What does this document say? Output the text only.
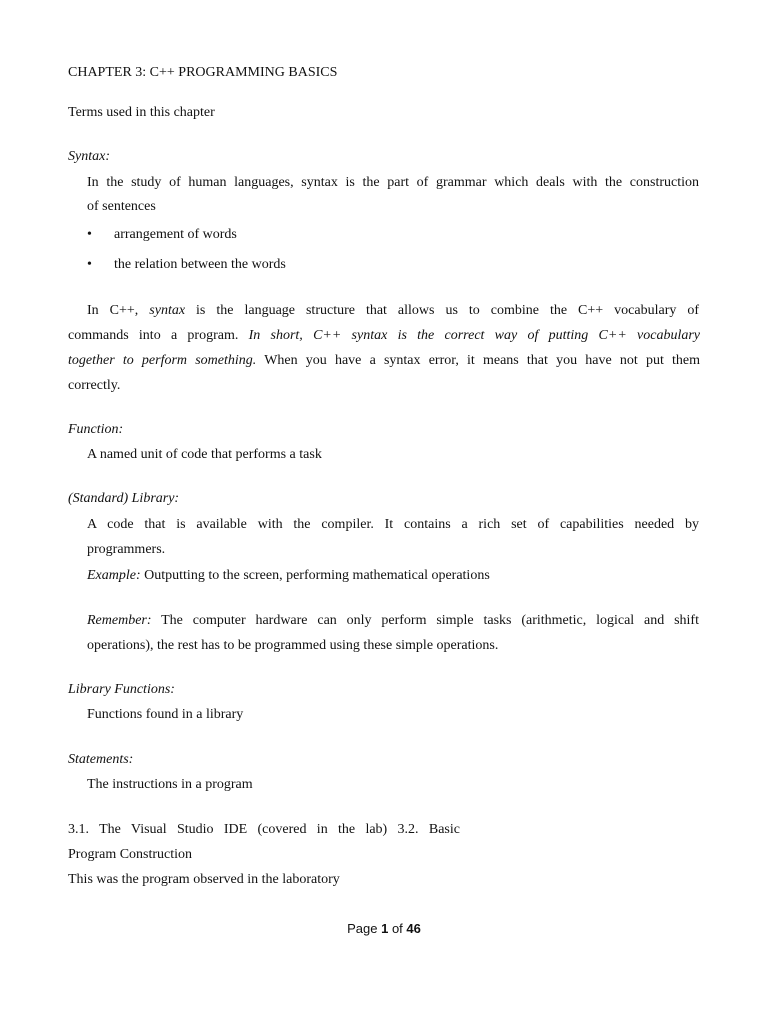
CHAPTER 3: C++ PROGRAMMING BASICS
Terms used in this chapter
Syntax:
In the study of human languages, syntax is the part of grammar which deals with the construction
of sentences
• arrangement of words
• the relation between the words
In C++, syntax is the language structure that allows us to combine the C++ vocabulary of
commands into a program. In short, C++ syntax is the correct way of putting C++ vocabulary
together to perform something. When you have a syntax error, it means that you have not put them
correctly.
Function:
A named unit of code that performs a task
(Standard) Library:
A code that is available with the compiler. It contains a rich set of capabilities needed by
programmers.
Example: Outputting to the screen, performing mathematical operations
Remember: The computer hardware can only perform simple tasks (arithmetic, logical and shift
operations), the rest has to be programmed using these simple operations.
Library Functions:
Functions found in a library
Statements:
The instructions in a program
3.1. The Visual Studio IDE (covered in the lab) 3.2. Basic
Program Construction
This was the program observed in the laboratory
Page 1 of 46
